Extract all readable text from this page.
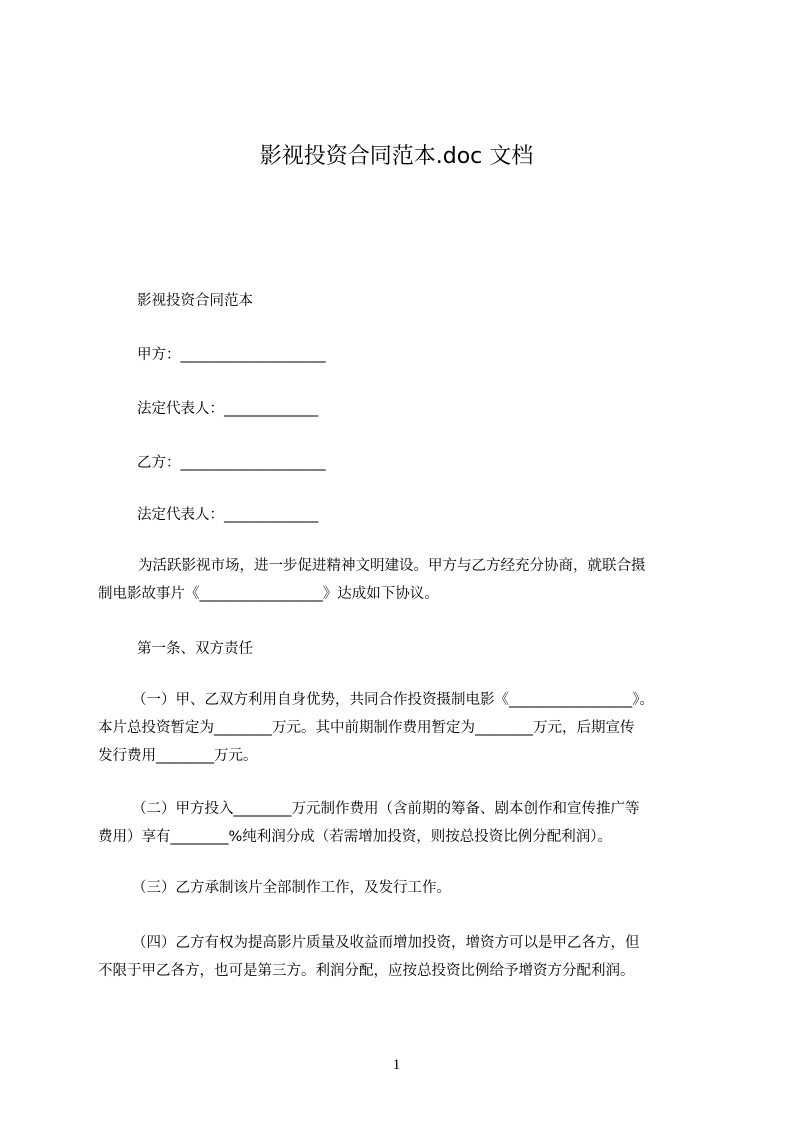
影视投资合同范本.doc 文档
影视投资合同范本
甲方：____________________
法定代表人：_____________
乙方：____________________
法定代表人：_____________
为活跃影视市场，进一步促进精神文明建设。甲方与乙方经充分协商，就联合摄
制电影故事片《_________________》达成如下协议。
第一条、双方责任
（一）甲、乙双方利用自身优势，共同合作投资摄制电影《_________________》。
本片总投资暂定为________万元。其中前期制作费用暂定为________万元，后期宣传
发行费用________万元。
（二）甲方投入________万元制作费用（含前期的筹备、剧本创作和宣传推广等
费用）享有________%纯利润分成（若需增加投资，则按总投资比例分配利润）。
（三）乙方承制该片全部制作工作，及发行工作。
（四）乙方有权为提高影片质量及收益而增加投资，增资方可以是甲乙各方，但
不限于甲乙各方，也可是第三方。利润分配，应按总投资比例给予增资方分配利润。
1
